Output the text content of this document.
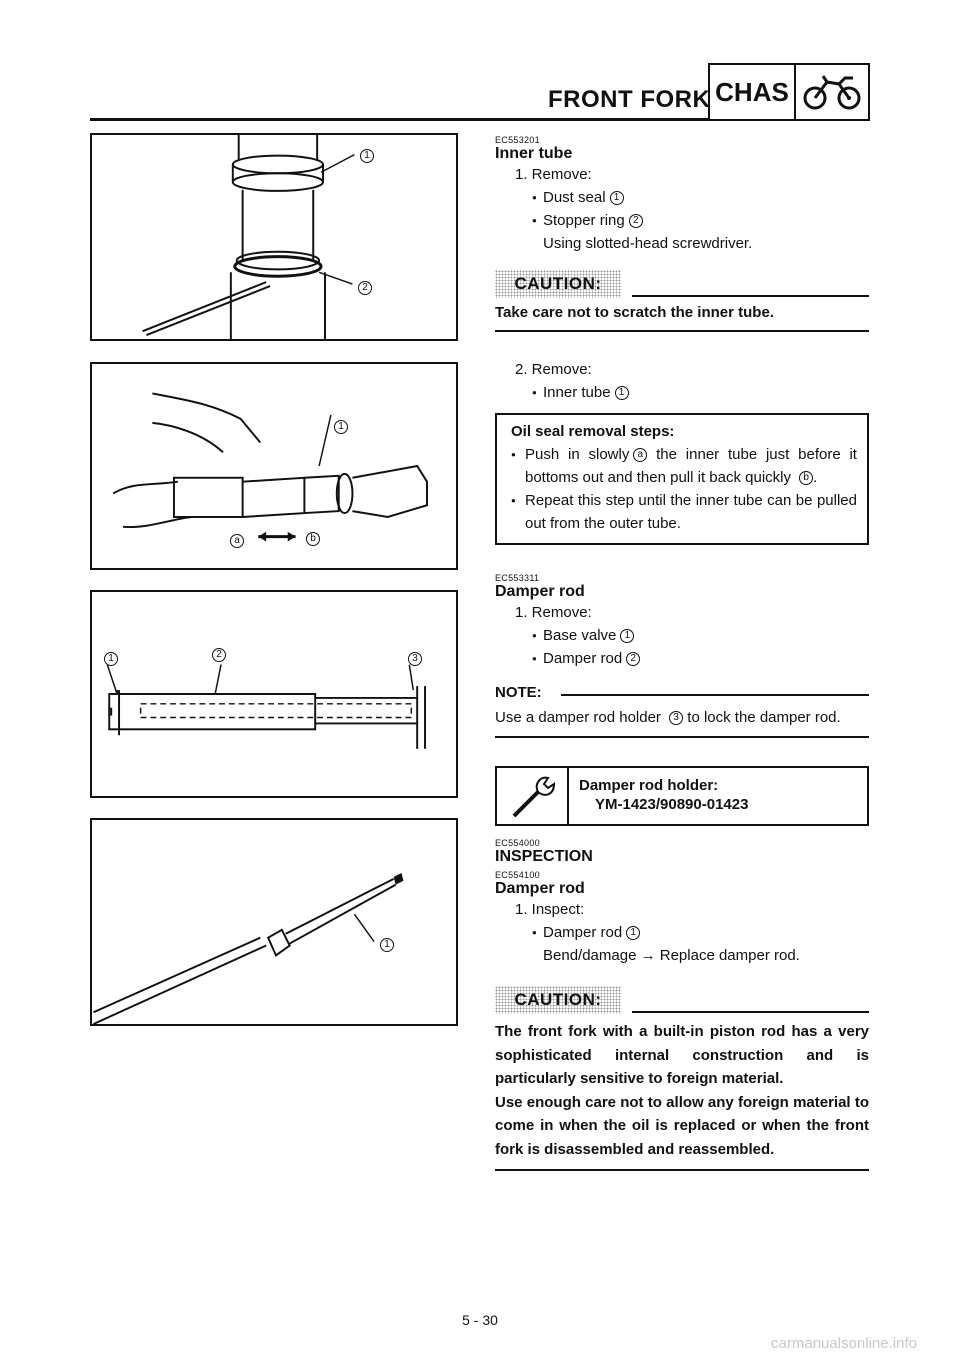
FRONT FORK CHAS
1
2
1
a	b
1	2	3
1
EC553201
Inner tube
1. Remove:
● Dust seal 1
● Stopper ring 2
Using slotted-head screwdriver.
CAUTION:
Take care not to scratch the inner tube.
2. Remove:
● Inner tube 1
Oil seal removal steps:
● Push in slowly a the inner tube just before it bottoms out and then pull it back quickly b .
● Repeat this step until the inner tube can be pulled out from the outer tube.
EC553311
Damper rod
1. Remove:
● Base valve 1
● Damper rod 2
NOTE:
Use a damper rod holder 3 to lock the damper rod.
Damper rod holder:
YM-1423/90890-01423
EC554000
INSPECTION
EC554100
Damper rod
1. Inspect:
● Damper rod 1
Bend/damage → Replace damper rod.
CAUTION:
The front fork with a built-in piston rod has a very sophisticated internal construction and is particularly sensitive to foreign material.
Use enough care not to allow any foreign material to come in when the oil is replaced or when the front fork is disassembled and reassembled.
5 - 30
carmanualsonline.info
